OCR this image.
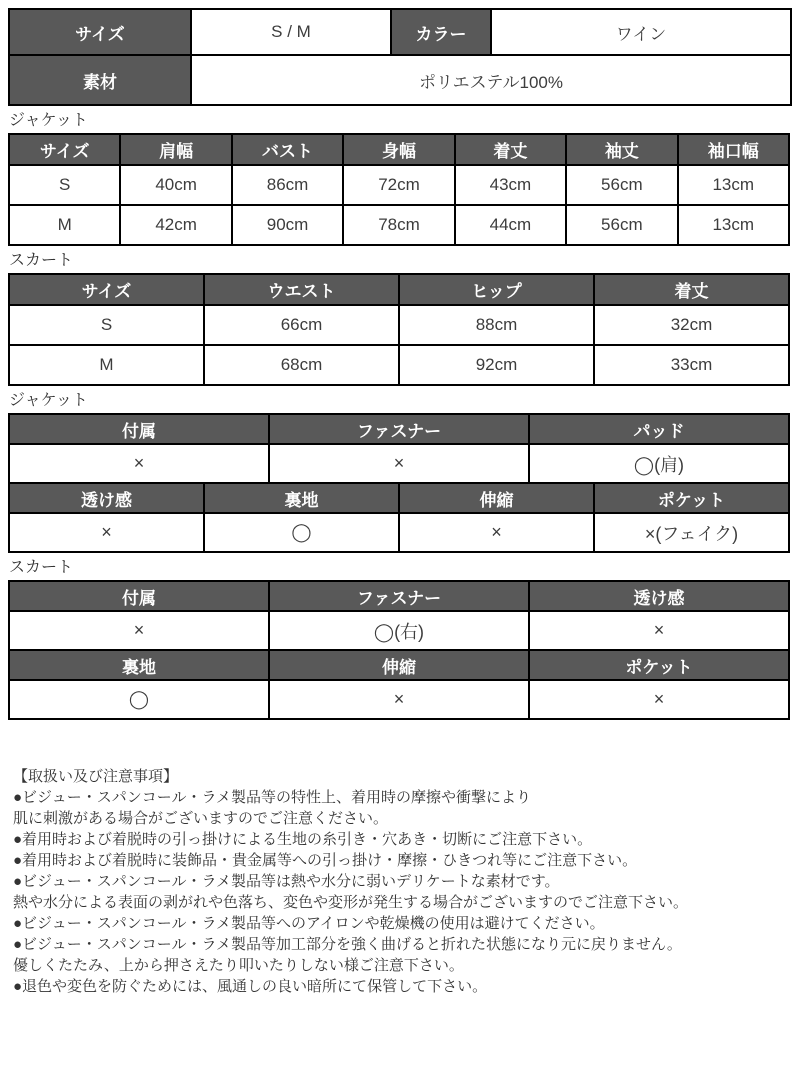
サイズ	S / M	カラー	ワイン
素材	ポリエステル100%		
ジャケット
サイズ	肩幅	バスト	身幅	着丈	袖丈	袖口幅
S	40cm	86cm	72cm	43cm	56cm	13cm
M	42cm	90cm	78cm	44cm	56cm	13cm
スカート
サイズ	ウエスト	ヒップ	着丈
S	66cm	88cm	32cm
M	68cm	92cm	33cm
ジャケット
付属	ファスナー	パッド
×	×	◯(肩)
透け感	裏地	伸縮	ポケット
×	◯	×	×(フェイク)
スカート
付属	ファスナー	透け感
×	◯(右)	×
裏地	伸縮	ポケット
◯	×	×
【取扱い及び注意事項】
●ビジュー・スパンコール・ラメ製品等の特性上、着用時の摩擦や衝撃により
肌に刺激がある場合がございますのでご注意ください。
●着用時および着脱時の引っ掛けによる生地の糸引き・穴あき・切断にご注意下さい。
●着用時および着脱時に装飾品・貴金属等への引っ掛け・摩擦・ひきつれ等にご注意下さい。
●ビジュー・スパンコール・ラメ製品等は熱や水分に弱いデリケートな素材です。
熱や水分による表面の剥がれや色落ち、変色や変形が発生する場合がございますのでご注意下さい。
●ビジュー・スパンコール・ラメ製品等へのアイロンや乾燥機の使用は避けてください。
●ビジュー・スパンコール・ラメ製品等加工部分を強く曲げると折れた状態になり元に戻りません。
優しくたたみ、上から押さえたり叩いたりしない様ご注意下さい。
●退色や変色を防ぐためには、風通しの良い暗所にて保管して下さい。
